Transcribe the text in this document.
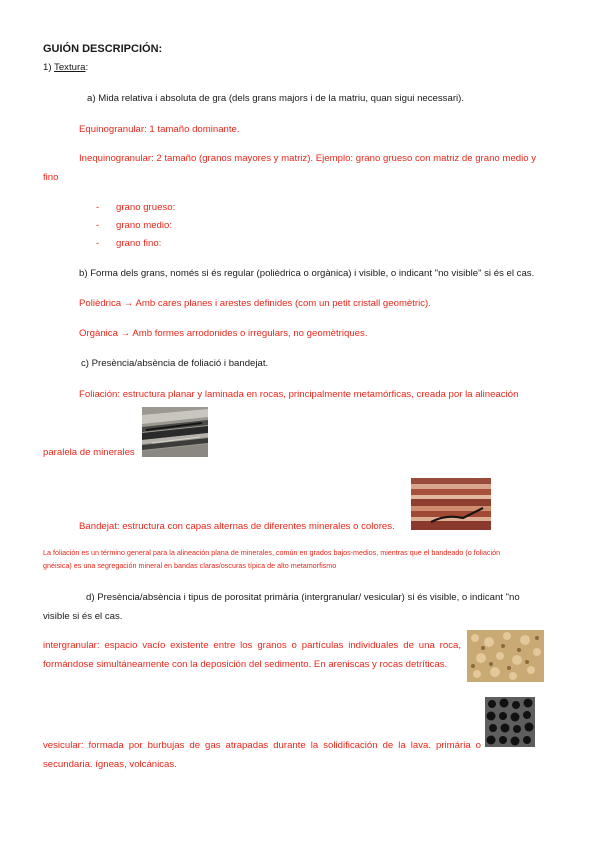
GUIÓN DESCRIPCIÓN:
1) Textura:
a) Mida relativa i absoluta de gra (dels grans majors i de la matriu, quan sigui necessari).
Equinogranular: 1 tamaño dominante.
Inequinogranular: 2 tamaño (granos mayores y matriz). Ejemplo: grano grueso con matriz de grano medio y
fino
- grano grueso:
- grano medio:
- grano fino:
b) Forma dels grans, només si és regular (polièdrica o orgànica) i visible, o indicant "no visible" si és el cas.
Polièdrica → Amb cares planes i arestes definides (com un petit cristall geomètric).
Orgànica → Amb formes arrodonides o irregulars, no geomètriques.
c) Presència/absència de foliació i bandejat.
Foliación: estructura planar y laminada en rocas, principalmente metamórficas, creada por la alineación
paralela de minerales
Bandejat: estructura con capas alternas de diferentes minerales o colores.
La foliación es un término general para la alineación plana de minerales, común en grados bajos-medios, mientras que el bandeado (o foliación
gnéisica) es una segregación mineral en bandas claras/oscuras típica de alto metamorfismo
d) Presència/absència i tipus de porositat primària (intergranular/ vesicular) si és visible, o indicant "no
visible si és el cas.
intergranular: espacio vacío existente entre los granos o partículas individuales de una roca, formándose simultáneamente con la deposición del sedimento. En areniscas y rocas detríticas.
vesicular: formada por burbujas de gas atrapadas durante la solidificación de la lava. primária o secundaria. ígneas, volcánicas.
